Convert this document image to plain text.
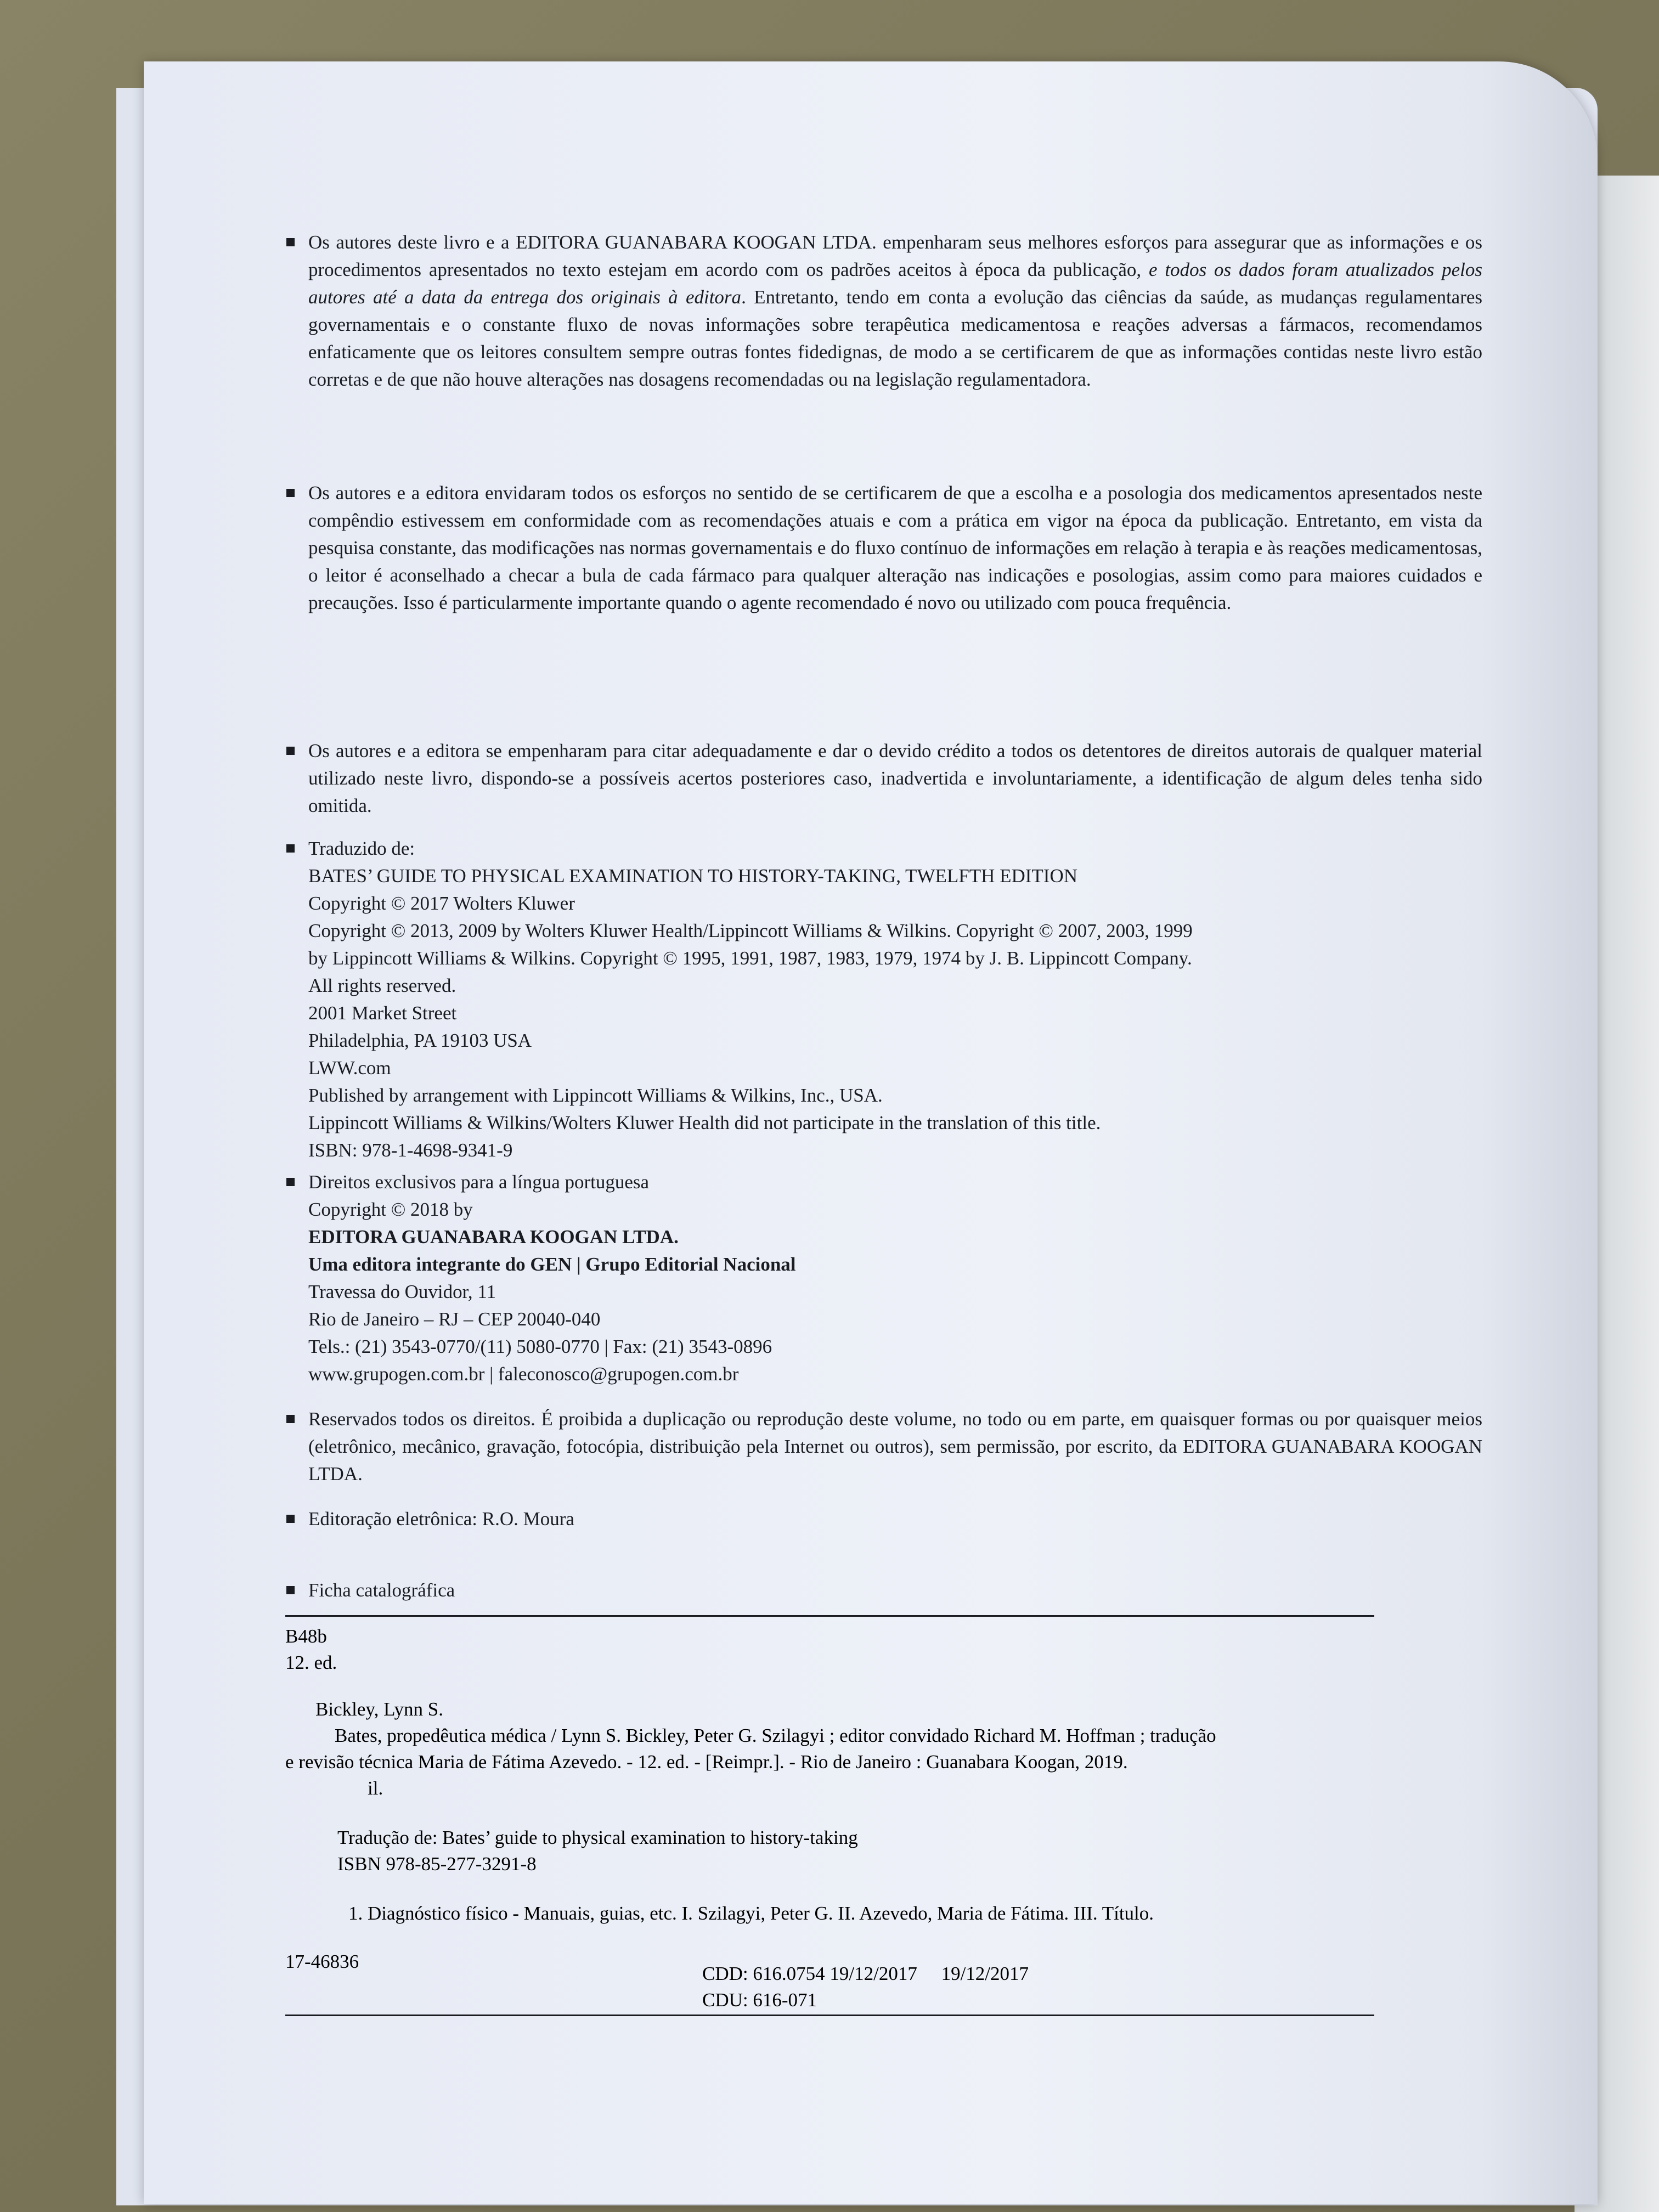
Os autores deste livro e a EDITORA GUANABARA KOOGAN LTDA. empenharam seus melhores esforços para assegurar que as informações e os procedimentos apresentados no texto estejam em acordo com os padrões aceitos à época da publicação, e todos os dados foram atualizados pelos autores até a data da entrega dos originais à editora. Entretanto, tendo em conta a evolução das ciências da saúde, as mudanças regulamentares governamentais e o constante fluxo de novas informações sobre terapêutica medicamentosa e reações adversas a fármacos, recomendamos enfaticamente que os leitores consultem sempre outras fontes fidedignas, de modo a se certificarem de que as informações contidas neste livro estão corretas e de que não houve alterações nas dosagens recomendadas ou na legislação regulamentadora.

Os autores e a editora envidaram todos os esforços no sentido de se certificarem de que a escolha e a posologia dos medicamentos apresentados neste compêndio estivessem em conformidade com as recomendações atuais e com a prática em vigor na época da publicação. Entretanto, em vista da pesquisa constante, das modificações nas normas governamentais e do fluxo contínuo de informações em relação à terapia e às reações medicamentosas, o leitor é aconselhado a checar a bula de cada fármaco para qualquer alteração nas indicações e posologias, assim como para maiores cuidados e precauções. Isso é particularmente importante quando o agente recomendado é novo ou utilizado com pouca frequência.

Os autores e a editora se empenharam para citar adequadamente e dar o devido crédito a todos os detentores de direitos autorais de qualquer material utilizado neste livro, dispondo-se a possíveis acertos posteriores caso, inadvertida e involuntariamente, a identificação de algum deles tenha sido omitida.

Traduzido de:
BATES’ GUIDE TO PHYSICAL EXAMINATION TO HISTORY-TAKING, TWELFTH EDITION
Copyright © 2017 Wolters Kluwer
Copyright © 2013, 2009 by Wolters Kluwer Health/Lippincott Williams & Wilkins. Copyright © 2007, 2003, 1999
by Lippincott Williams & Wilkins. Copyright © 1995, 1991, 1987, 1983, 1979, 1974 by J. B. Lippincott Company.
All rights reserved.
2001 Market Street
Philadelphia, PA 19103 USA
LWW.com
Published by arrangement with Lippincott Williams & Wilkins, Inc., USA.
Lippincott Williams & Wilkins/Wolters Kluwer Health did not participate in the translation of this title.
ISBN: 978-1-4698-9341-9
Direitos exclusivos para a língua portuguesa
Copyright © 2018 by
EDITORA GUANABARA KOOGAN LTDA.
Uma editora integrante do GEN | Grupo Editorial Nacional
Travessa do Ouvidor, 11
Rio de Janeiro – RJ – CEP 20040-040
Tels.: (21) 3543-0770/(11) 5080-0770 | Fax: (21) 3543-0896
www.grupogen.com.br | faleconosco@grupogen.com.br

Reservados todos os direitos. É proibida a duplicação ou reprodução deste volume, no todo ou em parte, em quaisquer formas ou por quaisquer meios (eletrônico, mecânico, gravação, fotocópia, distribuição pela Internet ou outros), sem permissão, por escrito, da EDITORA GUANABARA KOOGAN LTDA.

Editoração eletrônica: R.O. Moura
Ficha catalográfica
B48b
12. ed.
Bickley, Lynn S.
Bates, propedêutica médica / Lynn S. Bickley, Peter G. Szilagyi ; editor convidado Richard M. Hoffman ; tradução
e revisão técnica Maria de Fátima Azevedo. - 12. ed. - [Reimpr.]. - Rio de Janeiro : Guanabara Koogan, 2019.
il.
Tradução de: Bates’ guide to physical examination to history-taking
ISBN 978-85-277-3291-8
1. Diagnóstico físico - Manuais, guias, etc. I. Szilagyi, Peter G. II. Azevedo, Maria de Fátima. III. Título.
17-46836
CDD: 616.0754 19/12/2017     19/12/2017
CDU: 616-071
